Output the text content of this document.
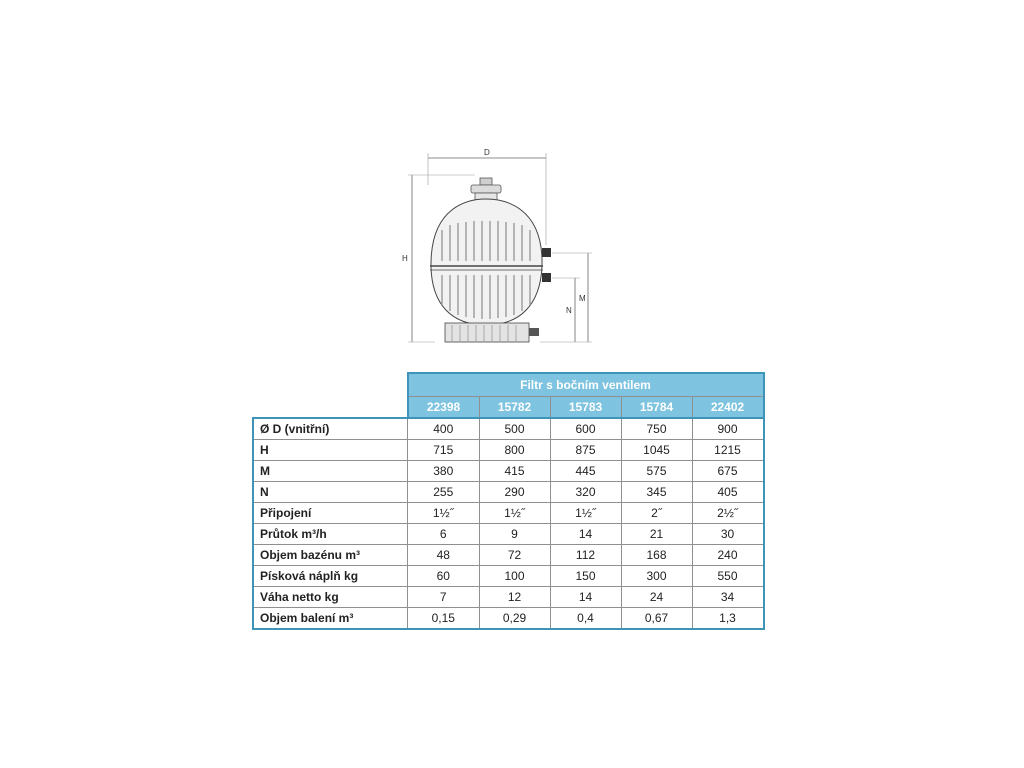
D
H
N
M
	Filtr s bočním ventilem				
	22398	15782	15783	15784	22402
Ø D (vnitřní)	400	500	600	750	900
H	715	800	875	1045	1215
M	380	415	445	575	675
N	255	290	320	345	405
Připojení	1½˝	1½˝	1½˝	2˝	2½˝
Průtok m³/h	6	9	14	21	30
Objem bazénu m³	48	72	112	168	240
Písková náplň kg	60	100	150	300	550
Váha netto kg	7	12	14	24	34
Objem balení m³	0,15	0,29	0,4	0,67	1,3
